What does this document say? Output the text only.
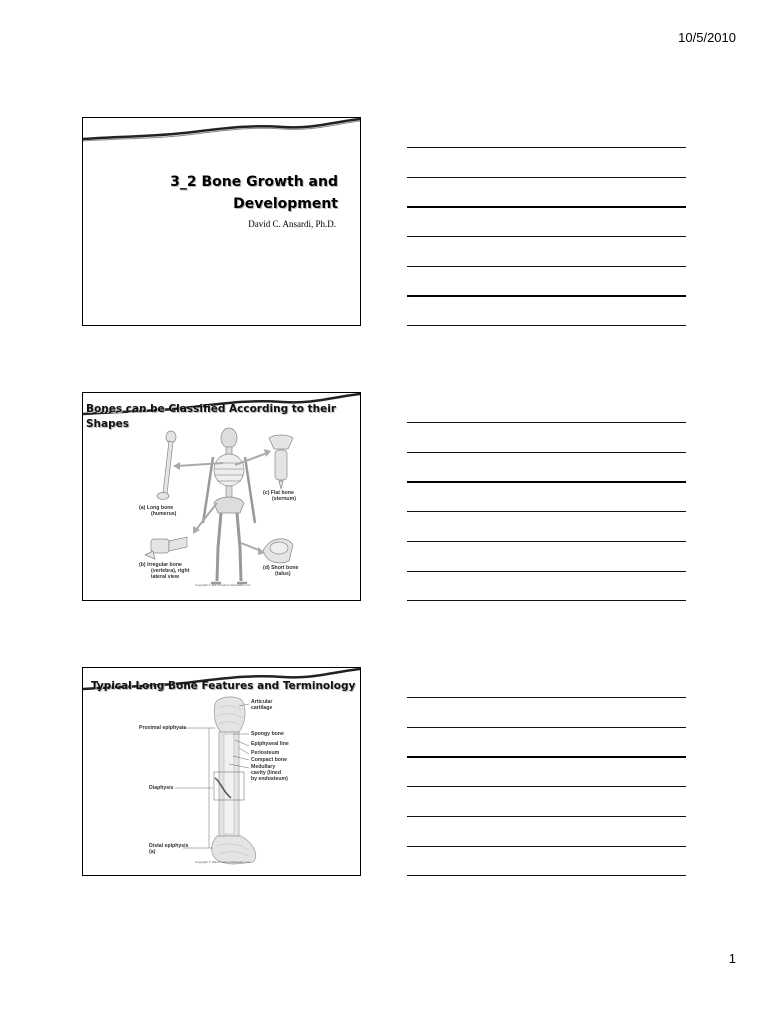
10/5/2010
3_2 Bone Growth and
Development
David C. Ansardi, Ph.D.
Bones can be Classified According to their
Shapes
(a) Long bone
(humerus)
(c) Flat bone
(sternum)
(b) Irregular bone
(vertebra), right
lateral view
(d) Short bone
(talus)
Copyright © 2010 Pearson Education, Inc.
Typical Long Bone Features and Terminology
Articular
cartilage
Proximal epiphysis
Spongy bone
Epiphyseal line
Periosteum
Compact bone
Medullary
cavity (lined
by endosteum)
Diaphysis
Distal epiphysis
(a)
Copyright © 2010 Pearson Education, Inc.
1
